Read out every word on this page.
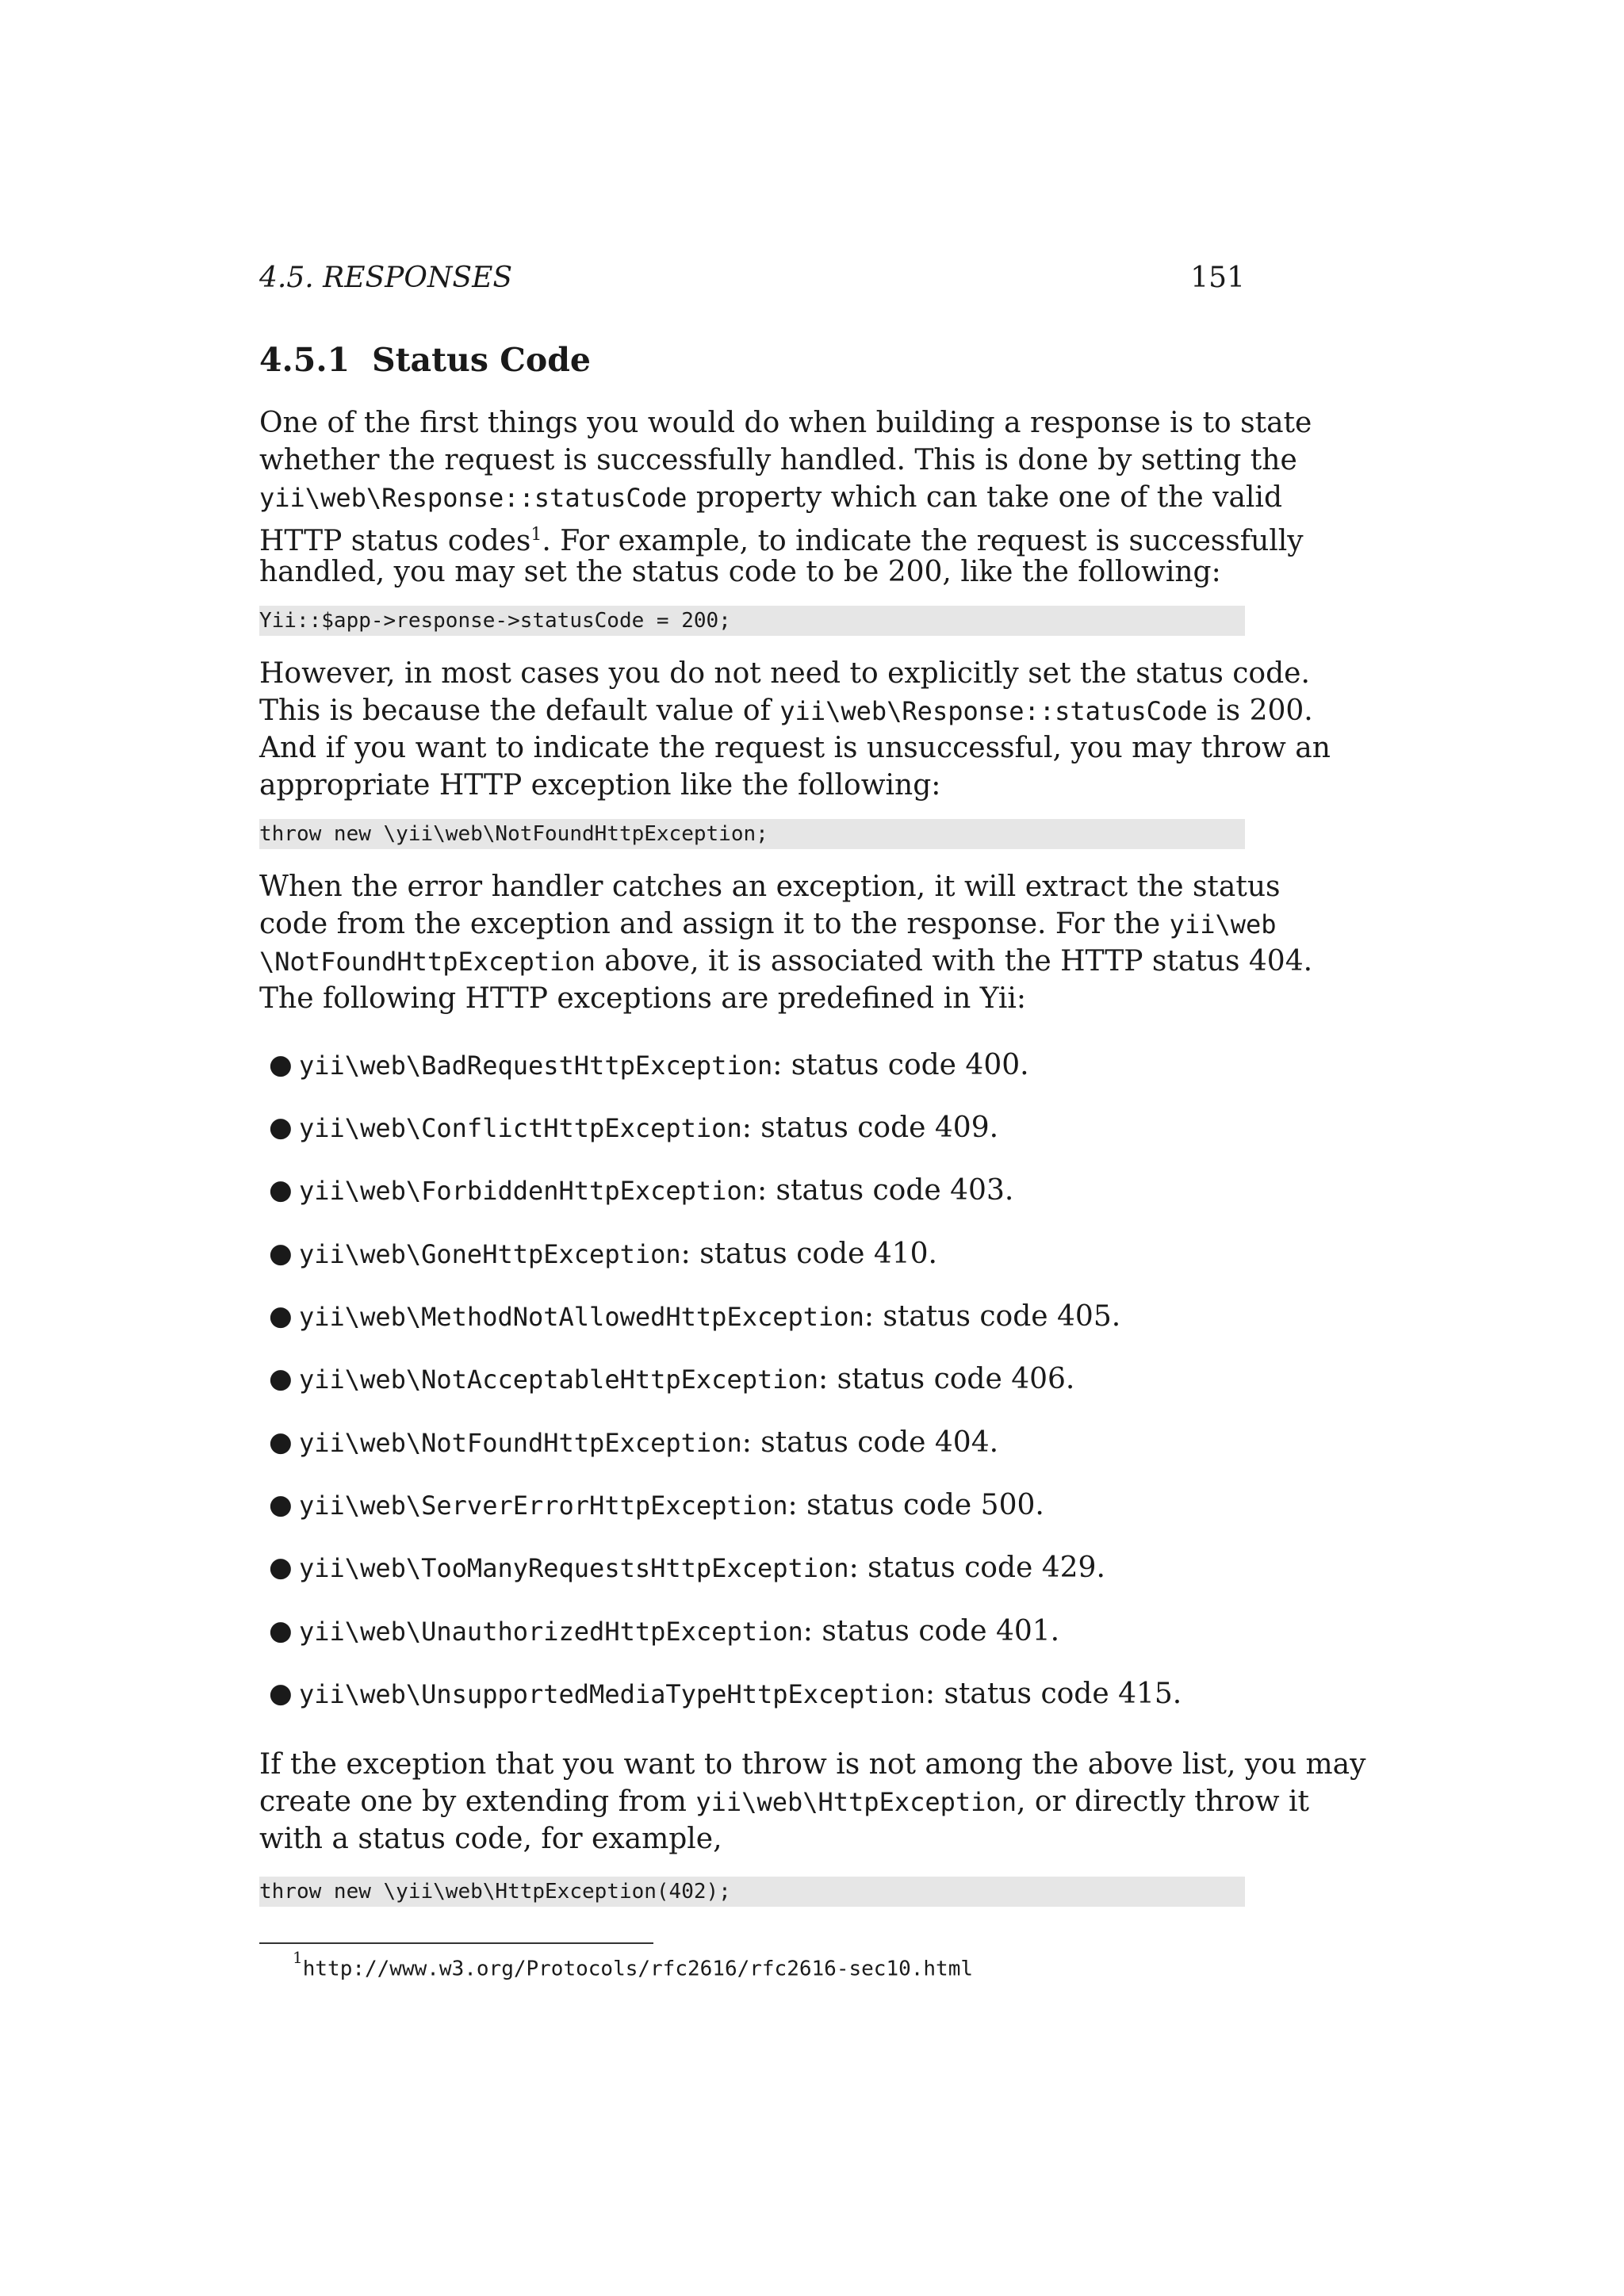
4.5. RESPONSES	151
4.5.1 Status Code
One of the first things you would do when building a response is to state
whether the request is successfully handled. This is done by setting the
yii\web\Response::statusCode property which can take one of the valid
HTTP status codes$^1$. For example, to indicate the request is successfully
handled, you may set the status code to be 200, like the following:
Yii::$app->response->statusCode = 200;
However, in most cases you do not need to explicitly set the status code.
This is because the default value of yii\web\Response::statusCode is 200.
And if you want to indicate the request is unsuccessful, you may throw an
appropriate HTTP exception like the following:
throw new \yii\web\NotFoundHttpException;
When the error handler catches an exception, it will extract the status
code from the exception and assign it to the response. For the yii\web
\NotFoundHttpException above, it is associated with the HTTP status 404.
The following HTTP exceptions are predefined in Yii:
● yii\web\BadRequestHttpException: status code 400.
● yii\web\ConflictHttpException: status code 409.
● yii\web\ForbiddenHttpException: status code 403.
● yii\web\GoneHttpException: status code 410.
● yii\web\MethodNotAllowedHttpException: status code 405.
● yii\web\NotAcceptableHttpException: status code 406.
● yii\web\NotFoundHttpException: status code 404.
● yii\web\ServerErrorHttpException: status code 500.
● yii\web\TooManyRequestsHttpException: status code 429.
● yii\web\UnauthorizedHttpException: status code 401.
● yii\web\UnsupportedMediaTypeHttpException: status code 415.
If the exception that you want to throw is not among the above list, you may
create one by extending from yii\web\HttpException, or directly throw it
with a status code, for example,
throw new \yii\web\HttpException(402);
$^1$http://www.w3.org/Protocols/rfc2616/rfc2616-sec10.html
